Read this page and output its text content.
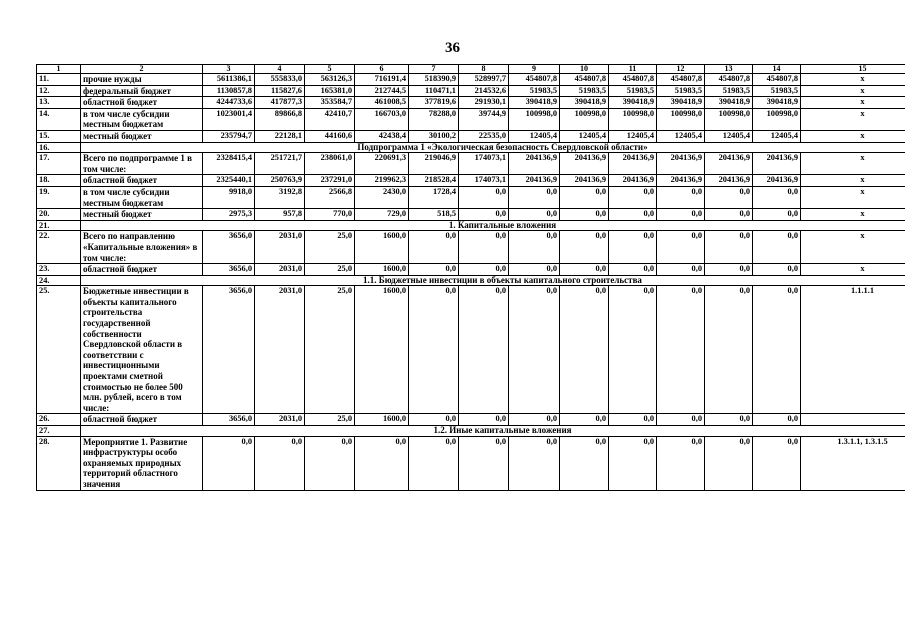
36
1	2	3	4	5	6	7	8	9	10	11	12	13	14	15
11.	прочие нужды	5611386,1	555833,0	563126,3	716191,4	518390,9	528997,7	454807,8	454807,8	454807,8	454807,8	454807,8	454807,8	х
12.	федеральный бюджет	1130857,8	115827,6	165381,0	212744,5	110471,1	214532,6	51983,5	51983,5	51983,5	51983,5	51983,5	51983,5	х
13.	областной бюджет	4244733,6	417877,3	353584,7	461008,5	377819,6	291930,1	390418,9	390418,9	390418,9	390418,9	390418,9	390418,9	х
14.	в том числе субсидии местным бюджетам	1023001,4	89866,8	42410,7	166703,0	78288,0	39744,9	100998,0	100998,0	100998,0	100998,0	100998,0	100998,0	х
15.	местный бюджет	235794,7	22128,1	44160,6	42438,4	30100,2	22535,0	12405,4	12405,4	12405,4	12405,4	12405,4	12405,4	х
16.	Подпрограмма 1 «Экологическая безопасность Свердловской области»													
17.	Всего по подпрограмме 1 в том числе:	2328415,4	251721,7	238061,0	220691,3	219046,9	174073,1	204136,9	204136,9	204136,9	204136,9	204136,9	204136,9	х
18.	областной бюджет	2325440,1	250763,9	237291,0	219962,3	218528,4	174073,1	204136,9	204136,9	204136,9	204136,9	204136,9	204136,9	х
19.	в том числе субсидии местным бюджетам	9918,0	3192,8	2566,8	2430,0	1728,4	0,0	0,0	0,0	0,0	0,0	0,0	0,0	х
20.	местный бюджет	2975,3	957,8	770,0	729,0	518,5	0,0	0,0	0,0	0,0	0,0	0,0	0,0	х
21.	1. Капитальные вложения													
22.	Всего по направлению «Капитальные вложения» в том числе:	3656,0	2031,0	25,0	1600,0	0,0	0,0	0,0	0,0	0,0	0,0	0,0	0,0	х
23.	областной бюджет	3656,0	2031,0	25,0	1600,0	0,0	0,0	0,0	0,0	0,0	0,0	0,0	0,0	х
24.	1.1. Бюджетные инвестиции в объекты капитального строительства													
25.	Бюджетные инвестиции в объекты капитального строительства государственной собственности Свердловской области в соответствии с инвестиционными проектами сметной стоимостью не более 500 млн. рублей, всего в том числе:	3656,0	2031,0	25,0	1600,0	0,0	0,0	0,0	0,0	0,0	0,0	0,0	0,0	1.1.1.1
26.	областной бюджет	3656,0	2031,0	25,0	1600,0	0,0	0,0	0,0	0,0	0,0	0,0	0,0	0,0	
27.	1.2. Иные капитальные вложения													
28.	Мероприятие 1. Развитие инфраструктуры особо охраняемых природных территорий областного значения	0,0	0,0	0,0	0,0	0,0	0,0	0,0	0,0	0,0	0,0	0,0	0,0	1.3.1.1, 1.3.1.5
